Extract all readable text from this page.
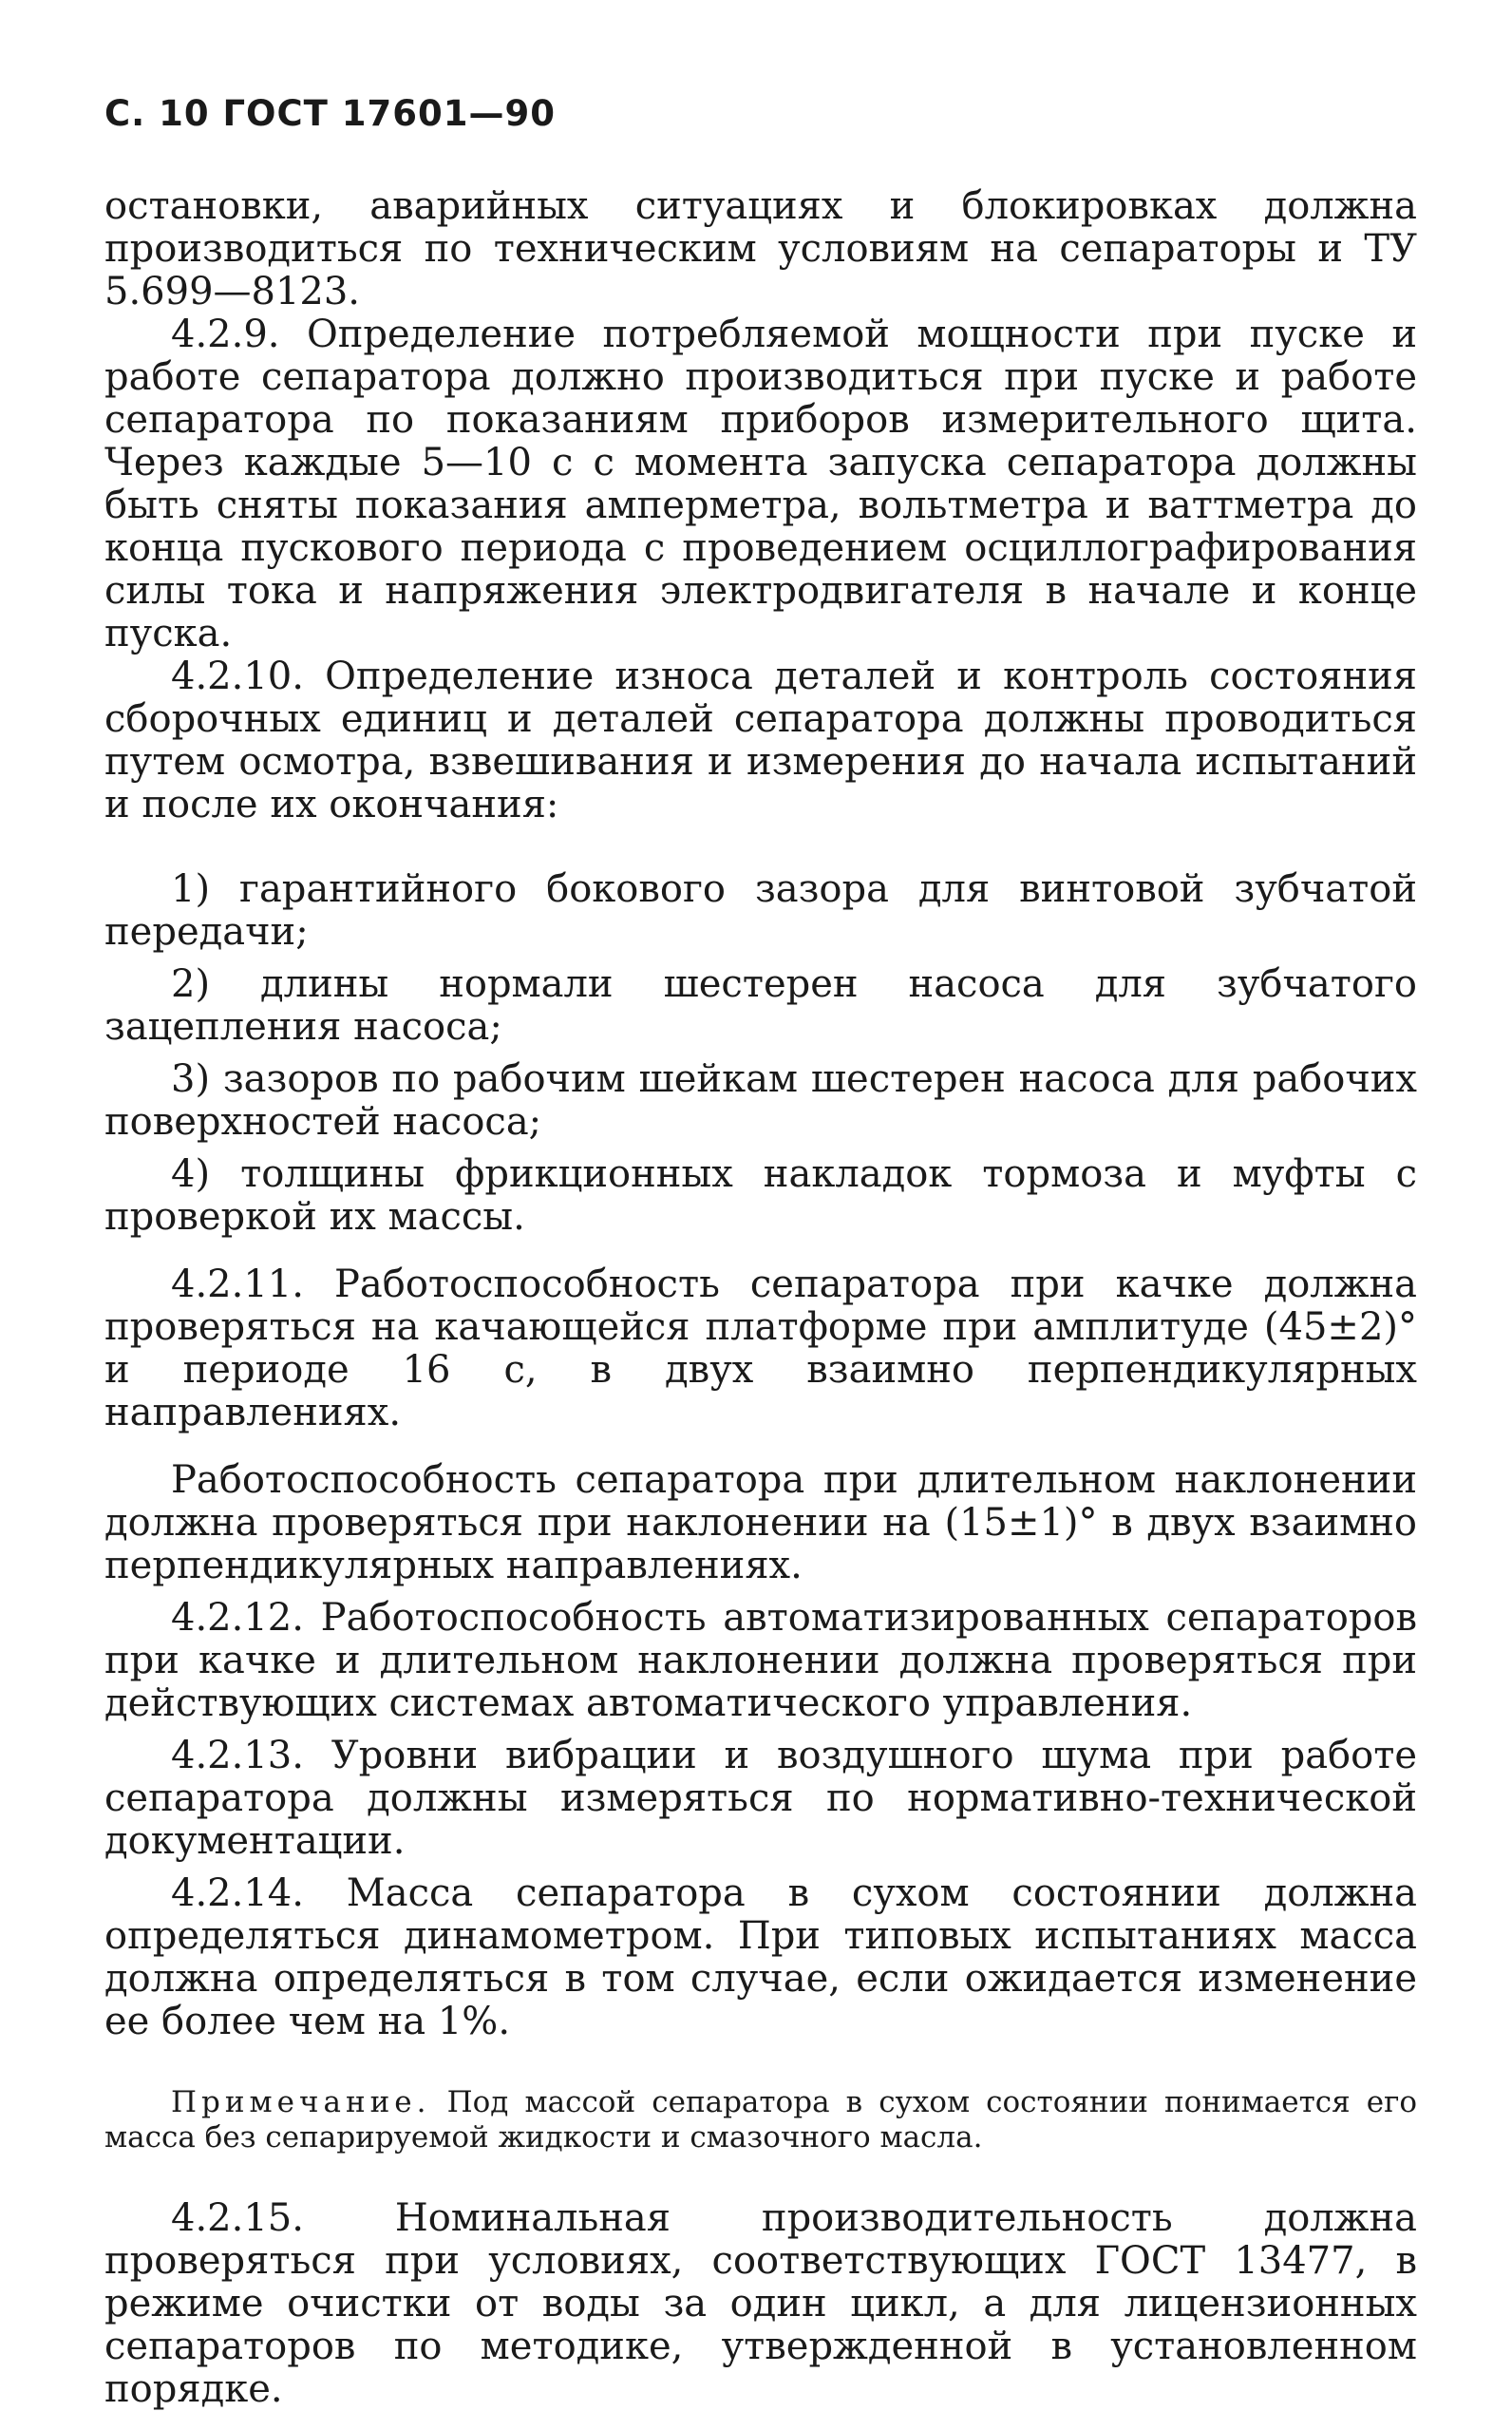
С. 10 ГОСТ 17601—90

остановки, аварийных ситуациях и блокировках должна производиться по техническим условиям на сепараторы и ТУ 5.699—8123.

4.2.9. Определение потребляемой мощности при пуске и работе сепаратора должно производиться при пуске и работе сепаратора по показаниям приборов измерительного щита. Через каждые 5—10 с с момента запуска сепаратора должны быть сняты показания амперметра, вольтметра и ваттметра до конца пускового периода с проведением осциллографирования силы тока и напряжения электродвигателя в начале и конце пуска.

4.2.10. Определение износа деталей и контроль состояния сборочных единиц и деталей сепаратора должны проводиться путем осмотра, взвешивания и измерения до начала испытаний и после их окончания:

1) гарантийного бокового зазора для винтовой зубчатой передачи;

2) длины нормали шестерен насоса для зубчатого зацепления насоса;

3) зазоров по рабочим шейкам шестерен насоса для рабочих поверхностей насоса;

4) толщины фрикционных накладок тормоза и муфты с проверкой их массы.

4.2.11. Работоспособность сепаратора при качке должна проверяться на качающейся платформе при амплитуде (45±2)° и периоде 16 с, в двух взаимно перпендикулярных направлениях.

Работоспособность сепаратора при длительном наклонении должна проверяться при наклонении на (15±1)° в двух взаимно перпендикулярных направлениях.

4.2.12. Работоспособность автоматизированных сепараторов при качке и длительном наклонении должна проверяться при действующих системах автоматического управления.

4.2.13. Уровни вибрации и воздушного шума при работе сепаратора должны измеряться по нормативно-технической документации.

4.2.14. Масса сепаратора в сухом состоянии должна определяться динамометром. При типовых испытаниях масса должна определяться в том случае, если ожидается изменение ее более чем на 1%.

Примечание. Под массой сепаратора в сухом состоянии понимается его масса без сепарируемой жидкости и смазочного масла.

4.2.15. Номинальная производительность должна проверяться при условиях, соответствующих ГОСТ 13477, в режиме очистки от воды за один цикл, а для лицензионных сепараторов по методике, утвержденной в установленном порядке.
